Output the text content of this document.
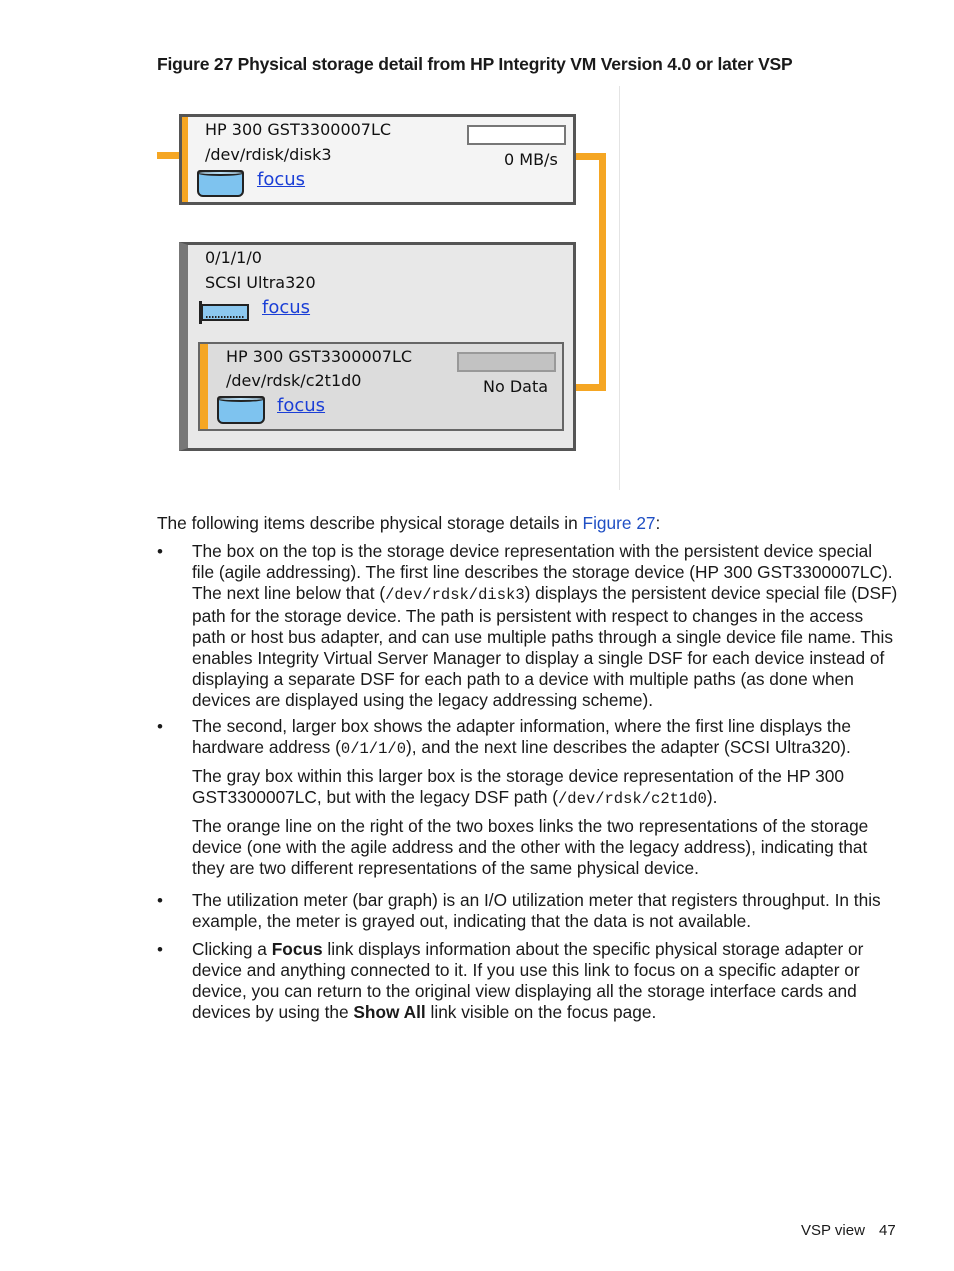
Figure 27 Physical storage detail from HP Integrity VM Version 4.0 or later VSP
HP 300 GST3300007LC
/dev/rdisk/disk3
focus
0 MB/s
0/1/1/0
SCSI Ultra320
focus
HP 300 GST3300007LC
/dev/rdsk/c2t1d0
focus
No Data
The following items describe physical storage details in Figure 27:
• The box on the top is the storage device representation with the persistent device special file (agile addressing). The first line describes the storage device (HP 300 GST3300007LC). The next line below that (/dev/rdsk/disk3) displays the persistent device special file (DSF) path for the storage device. The path is persistent with respect to changes in the access path or host bus adapter, and can use multiple paths through a single device file name. This enables Integrity Virtual Server Manager to display a single DSF for each device instead of displaying a separate DSF for each path to a device with multiple paths (as done when devices are displayed using the legacy addressing scheme).

• The second, larger box shows the adapter information, where the first line displays the hardware address (0/1/1/0), and the next line describes the adapter (SCSI Ultra320).

The gray box within this larger box is the storage device representation of the HP 300 GST3300007LC, but with the legacy DSF path (/dev/rdsk/c2t1d0).

The orange line on the right of the two boxes links the two representations of the storage device (one with the agile address and the other with the legacy address), indicating that they are two different representations of the same physical device.

• The utilization meter (bar graph) is an I/O utilization meter that registers throughput. In this example, the meter is grayed out, indicating that the data is not available.

• Clicking a Focus link displays information about the specific physical storage adapter or device and anything connected to it. If you use this link to focus on a specific adapter or device, you can return to the original view displaying all the storage interface cards and devices by using the Show All link visible on the focus page.

VSP view 47
